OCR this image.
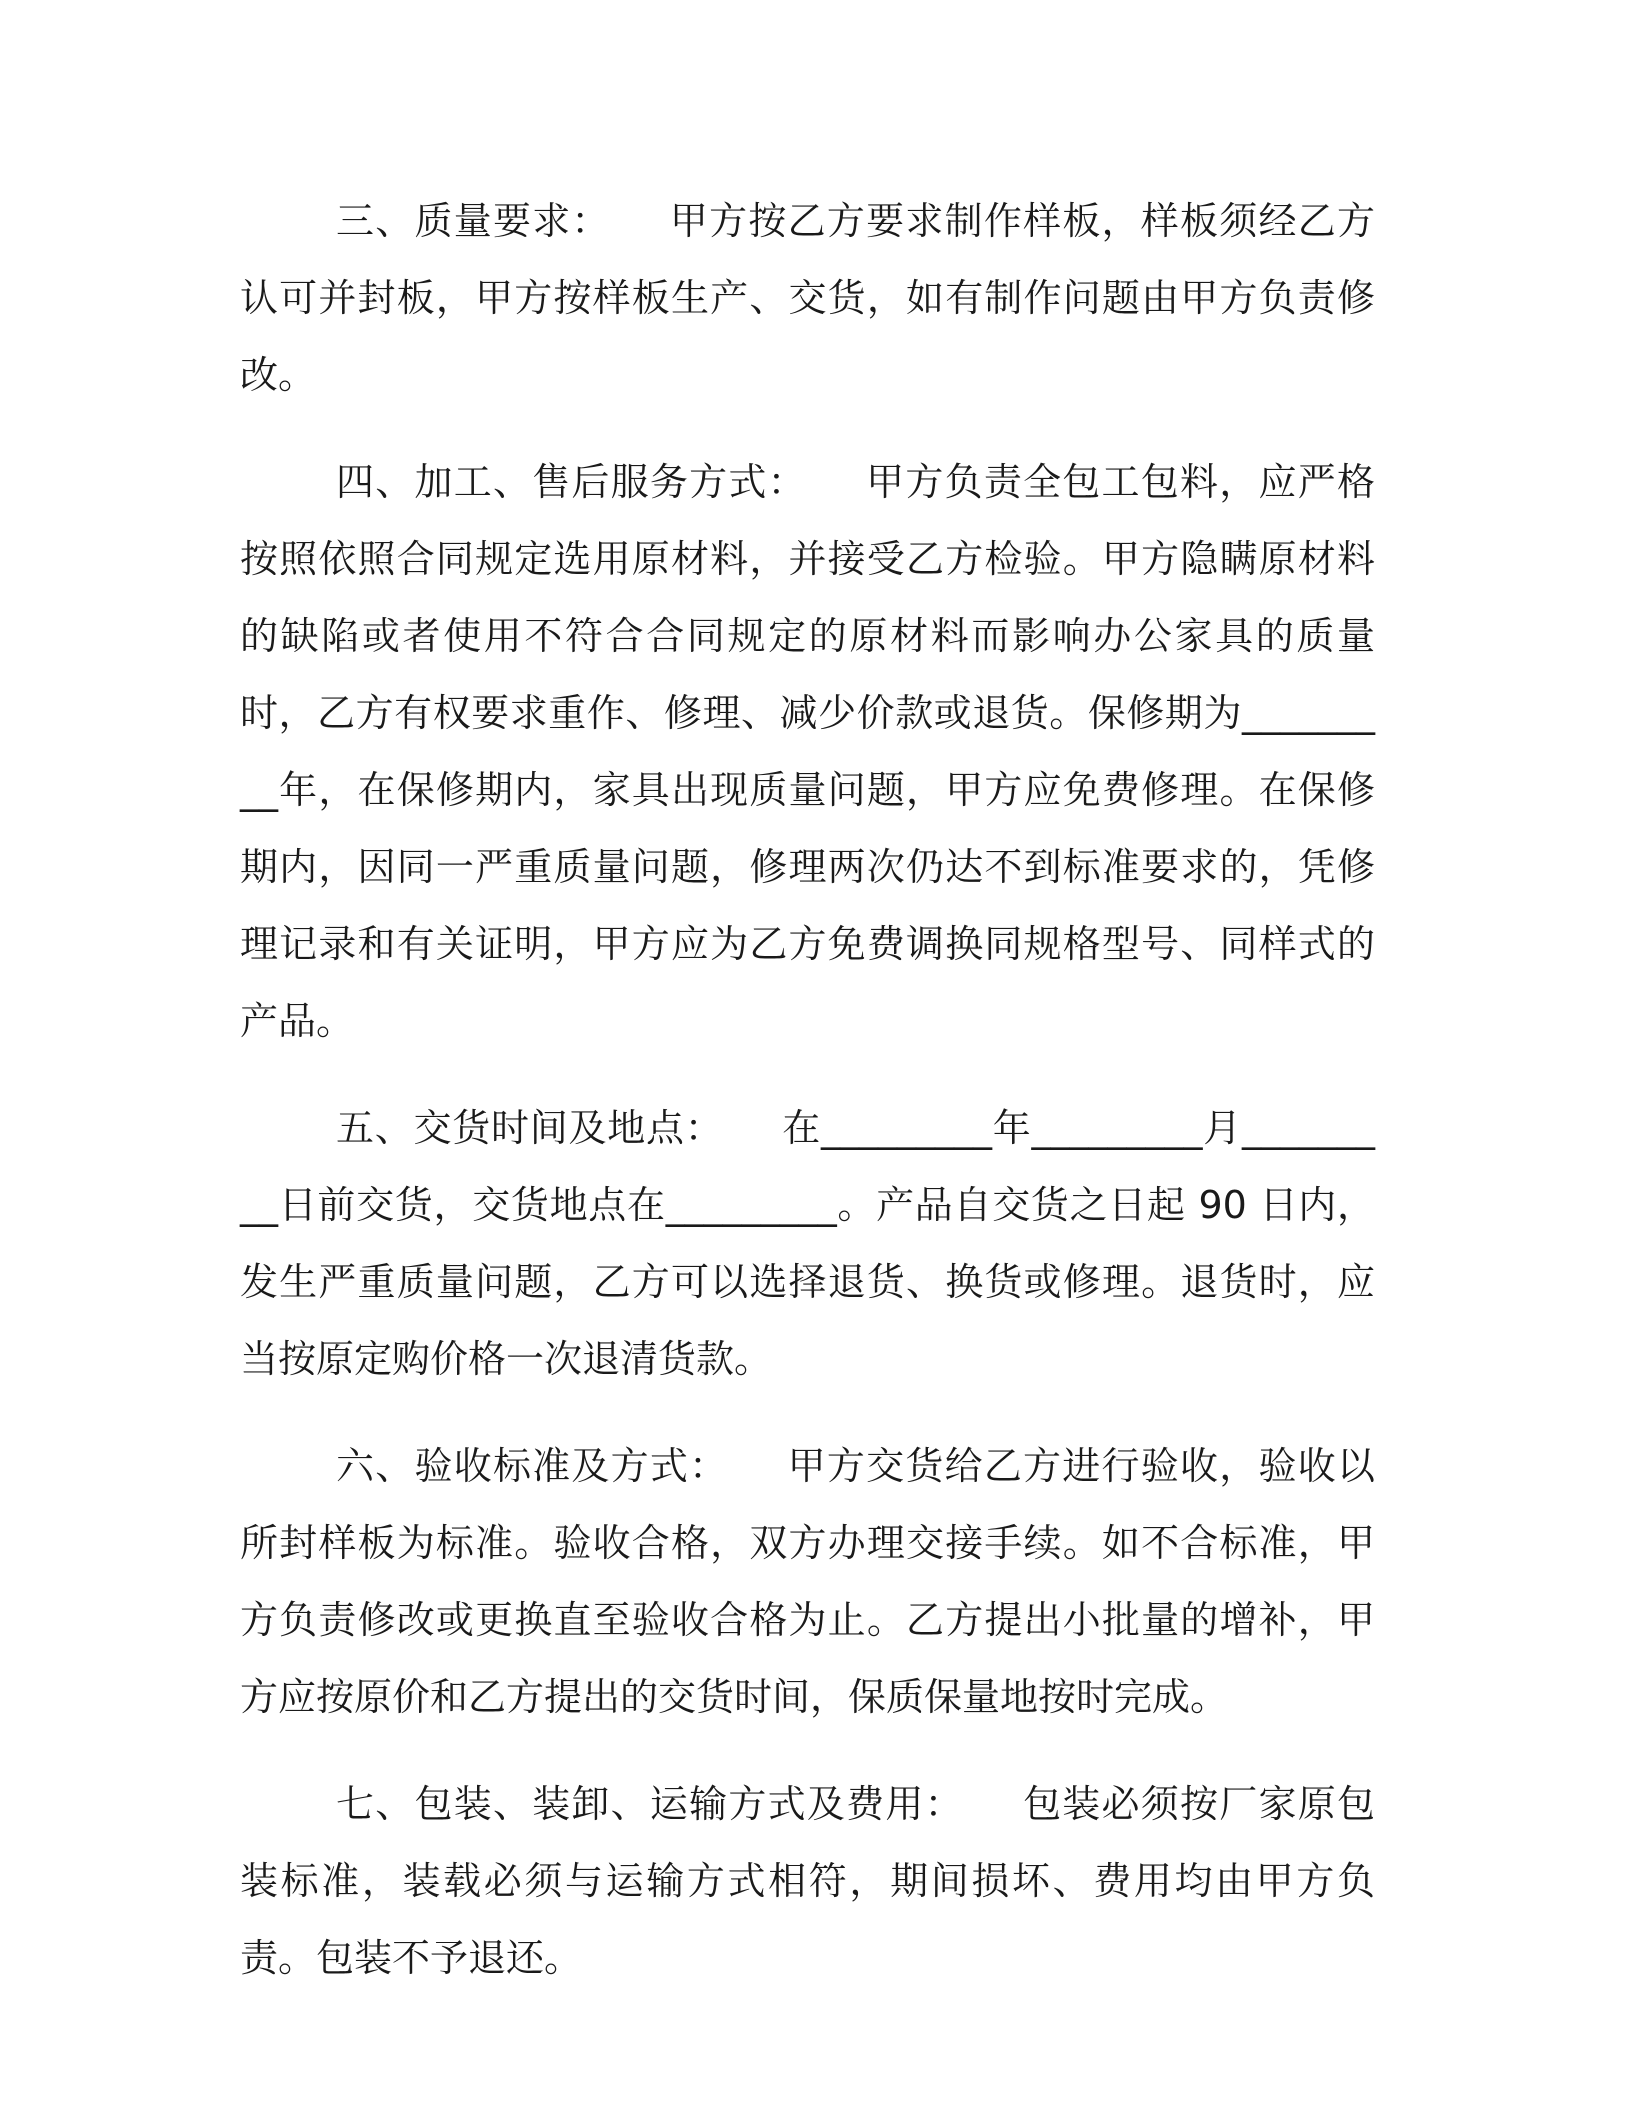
三、质量要求： 甲方按乙方要求制作样板，样板须经乙方认可并封板，甲方按样板生产、交货，如有制作问题由甲方负责修改。

四、加工、售后服务方式： 甲方负责全包工包料，应严格按照依照合同规定选用原材料，并接受乙方检验。甲方隐瞒原材料的缺陷或者使用不符合合同规定的原材料而影响办公家具的质量时，乙方有权要求重作、修理、减少价款或退货。保修期为_________年，在保修期内，家具出现质量问题，甲方应免费修理。在保修期内，因同一严重质量问题，修理两次仍达不到标准要求的，凭修理记录和有关证明，甲方应为乙方免费调换同规格型号、同样式的产品。

五、交货时间及地点： 在_________年_________月_________日前交货，交货地点在_________。产品自交货之日起 90 日内，发生严重质量问题，乙方可以选择退货、换货或修理。退货时，应当按原定购价格一次退清货款。

六、验收标准及方式： 甲方交货给乙方进行验收，验收以所封样板为标准。验收合格，双方办理交接手续。如不合标准，甲方负责修改或更换直至验收合格为止。乙方提出小批量的增补，甲方应按原价和乙方提出的交货时间，保质保量地按时完成。

七、包装、装卸、运输方式及费用： 包装必须按厂家原包装标准，装载必须与运输方式相符，期间损坏、费用均由甲方负责。包装不予退还。
